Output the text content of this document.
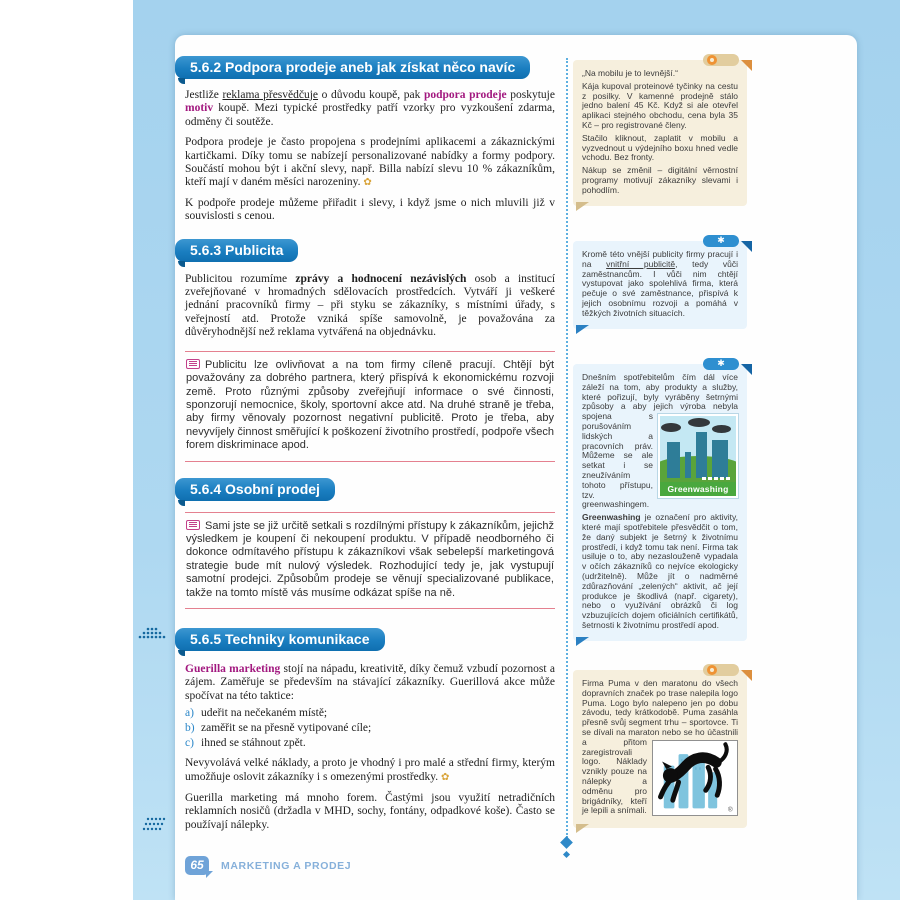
5.6.2 Podpora prodeje aneb jak získat něco navíc

Jestliže reklama přesvědčuje o důvodu koupě, pak podpora prodeje poskytuje motiv koupě. Mezi typické prostředky patří vzorky pro vyzkoušení zdarma, odměny či soutěže.

Podpora prodeje je často propojena s prodejními aplikacemi a zákaznickými kartičkami. Díky tomu se nabízejí personalizované nabídky a formy podpory. Součástí mohou být i akční slevy, např. Billa nabízí slevu 10 % zákazníkům, kteří mají v daném měsíci narozeniny. ✿

K podpoře prodeje můžeme přiřadit i slevy, i když jsme o nich mluvili již v souvislosti s cenou.

5.6.3 Publicita

Publicitou rozumíme zprávy a hodnocení nezávislých osob a institucí zveřejňované v hromadných sdělovacích prostředcích. Vytváří ji veškeré jednání pracovníků firmy – při styku se zákazníky, s místními úřady, s veřejností atd. Protože vzniká spíše samovolně, je považována za důvěryhodnější než reklama vytvářená na objednávku.

Publicitu lze ovlivňovat a na tom firmy cíleně pracují. Chtějí být považovány za dobrého partnera, který přispívá k ekonomickému rozvoji země. Proto různými způsoby zveřejňují informace o své činnosti, sponzorují nemocnice, školy, sportovní akce atd. Na druhé straně je třeba, aby firmy věnovaly pozornost negativní publicitě. Proto je třeba, aby nevyvíjely činnost směřující k poškození životního prostředí, podpoře všech forem diskriminace apod.
5.6.4 Osobní prodej
Sami jste se již určitě setkali s rozdílnými přístupy k zákazníkům, jejichž výsledkem je koupení či nekoupení produktu. V případě neodborného či dokonce odmítavého přístupu k zákazníkovi však sebelepší marketingová strategie bude mít nulový výsledek. Rozhodující tedy je, jak vystupují samotní prodejci. Způsobům prodeje se věnují specializované publikace, takže na tomto místě vás musíme odkázat spíše na ně.
5.6.5 Techniky komunikace

Guerilla marketing stojí na nápadu, kreativitě, díky čemuž vzbudí pozornost a zájem. Zaměřuje se především na stávající zákazníky. Guerillová akce může spočívat na této taktice:

a) udeřit na nečekaném místě;
b) zaměřit se na přesně vytipované cíle;
c) ihned se stáhnout zpět.

Nevyvolává velké náklady, a proto je vhodný i pro malé a střední firmy, kterým umožňuje oslovit zákazníky i s omezenými prostředky. ✿

Guerilla marketing má mnoho forem. Častými jsou využití netradičních reklamních nosičů (držadla v MHD, sochy, fontány, odpadkové koše). Často se používají nálepky.

„Na mobilu je to levnější.“

Kája kupoval proteinové tyčinky na cestu z posilky. V kamenné prodejně stálo jedno balení 45 Kč. Když si ale otevřel aplikaci stejného obchodu, cena byla 35 Kč – pro registrované členy.

Stačilo kliknout, zaplatit v mobilu a vyzvednout u výdejního boxu hned vedle vchodu. Bez fronty.

Nákup se změnil – digitální věrnostní programy motivují zákazníky slevami i pohodlím.

✱

Kromě této vnější publicity firmy pracují i na vnitřní publicitě, tedy vůči zaměstnancům. I vůči nim chtějí vystupovat jako spolehlivá firma, která pečuje o své zaměstnance, přispívá k jejich osobnímu rozvoji a pomáhá v těžkých životních situacích.

✱

Dnešním spotřebitelům čím dál více záleží na tom, aby produkty a služby, které pořizují, byly vyráběny šetrnými způsoby a aby jejich výroba nebyla
Greenwashing
spojena s porušováním lidských a pracovních práv. Můžeme se ale setkat i se zneužíváním tohoto přístupu, tzv. greenwashingem.

Greenwashing je označení pro aktivity, které mají spotřebitele přesvědčit o tom, že daný subjekt je šetrný k životnímu prostředí, i když tomu tak není. Firma tak usiluje o to, aby nezaslouženě vypadala v očích zákazníků co nejvíce ekologicky (udržitelně). Může jít o nadměrné zdůrazňování „zelených“ aktivit, ač její produkce je škodlivá (např. cigarety), nebo o využívání obrázků či log vzbuzujících dojem oficiálních certifikátů, šetrnosti k životnímu prostředí apod.

Firma Puma v den maratonu do všech dopravních značek po trase nalepila logo Puma. Logo bylo nalepeno jen po dobu závodu, tedy krátkodobě. Puma zasáhla přesně svůj segment trhu – sportovce. Ti se dívali na maraton nebo se ho účastnili
®
a přitom zaregistrovali logo. Náklady vznikly pouze na nálepky a odměnu pro brigádníky, kteří je lepili a snímali.

65	MARKETING A PRODEJ
